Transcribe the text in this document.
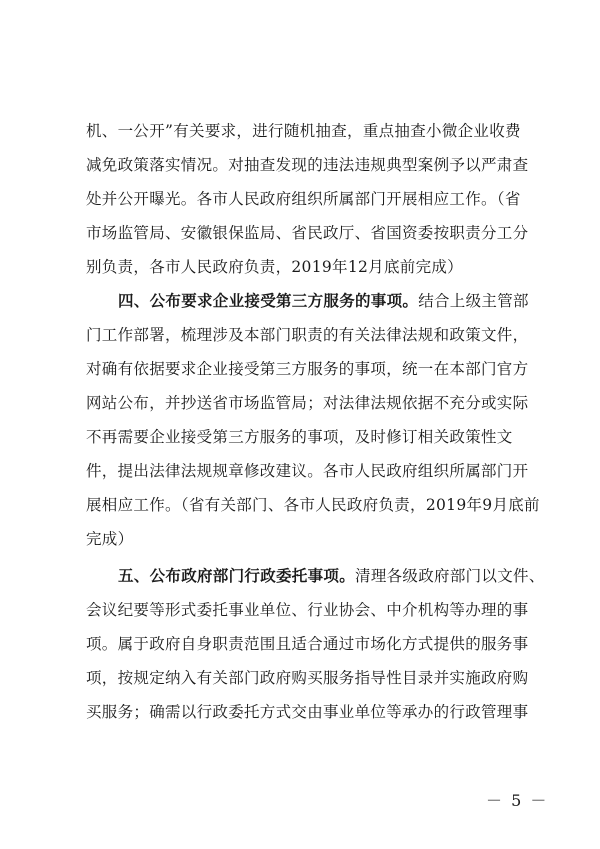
机、一公开”有关要求，进行随机抽查，重点抽查小微企业收费
减免政策落实情况。对抽查发现的违法违规典型案例予以严肃查
处并公开曝光。各市人民政府组织所属部门开展相应工作。（省
市场监管局、安徽银保监局、省民政厅、省国资委按职责分工分
别负责，各市人民政府负责，2019年12月底前完成）
四、公布要求企业接受第三方服务的事项。结合上级主管部
门工作部署，梳理涉及本部门职责的有关法律法规和政策文件，
对确有依据要求企业接受第三方服务的事项，统一在本部门官方
网站公布，并抄送省市场监管局；对法律法规依据不充分或实际
不再需要企业接受第三方服务的事项，及时修订相关政策性文
件，提出法律法规规章修改建议。各市人民政府组织所属部门开
展相应工作。（省有关部门、各市人民政府负责，2019年9月底前
完成）
五、公布政府部门行政委托事项。清理各级政府部门以文件、
会议纪要等形式委托事业单位、行业协会、中介机构等办理的事
项。属于政府自身职责范围且适合通过市场化方式提供的服务事
项，按规定纳入有关部门政府购买服务指导性目录并实施政府购
买服务；确需以行政委托方式交由事业单位等承办的行政管理事
－ 5 －
